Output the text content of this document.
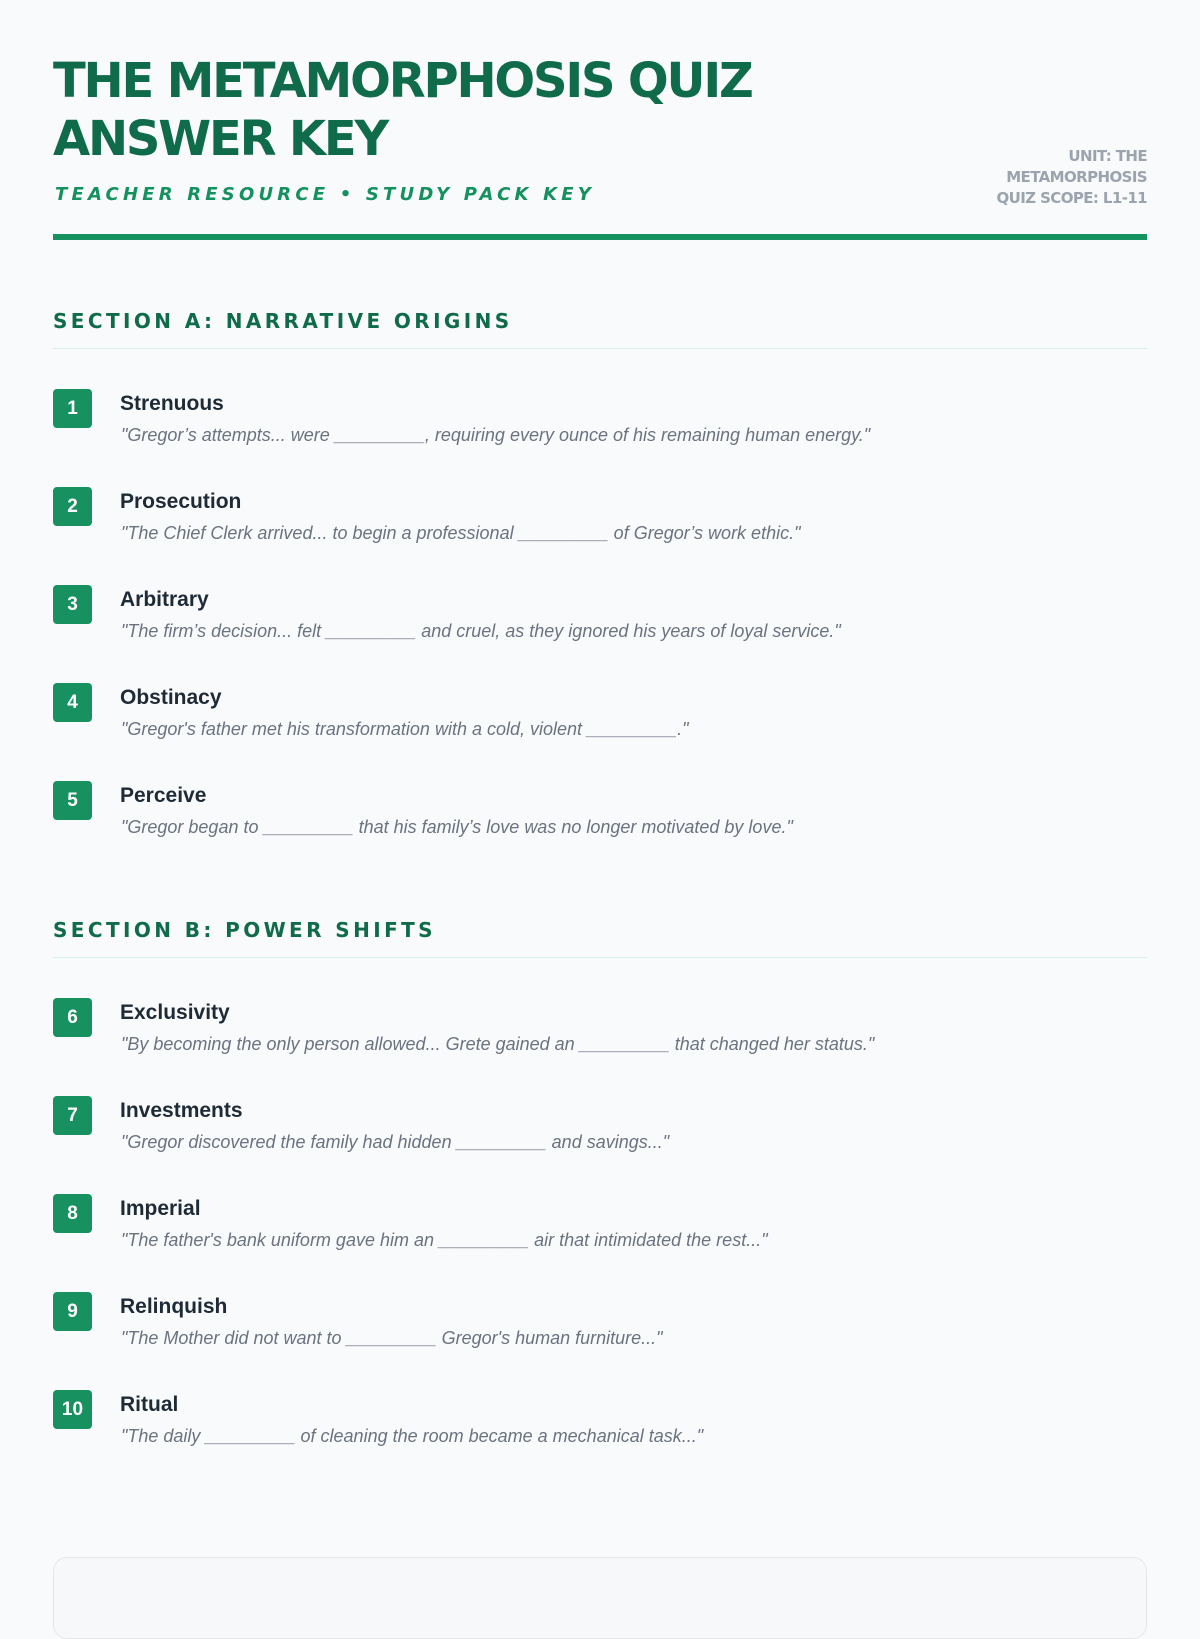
THE METAMORPHOSIS QUIZ
ANSWER KEY
TEACHER RESOURCE • STUDY PACK KEY
UNIT: THE
METAMORPHOSIS
QUIZ SCOPE: L1-11
SECTION A: NARRATIVE ORIGINS
1	Strenuous
"Gregor’s attempts... were _________, requiring every ounce of his remaining human energy."
2	Prosecution
"The Chief Clerk arrived... to begin a professional _________ of Gregor’s work ethic."
3	Arbitrary
"The firm’s decision... felt _________ and cruel, as they ignored his years of loyal service."
4	Obstinacy
"Gregor's father met his transformation with a cold, violent _________."
5	Perceive
"Gregor began to _________ that his family’s love was no longer motivated by love."
SECTION B: POWER SHIFTS
6	Exclusivity
"By becoming the only person allowed... Grete gained an _________ that changed her status."
7	Investments
"Gregor discovered the family had hidden _________ and savings..."
8	Imperial
"The father's bank uniform gave him an _________ air that intimidated the rest..."
9	Relinquish
"The Mother did not want to _________ Gregor's human furniture..."
10	Ritual
"The daily _________ of cleaning the room became a mechanical task..."
